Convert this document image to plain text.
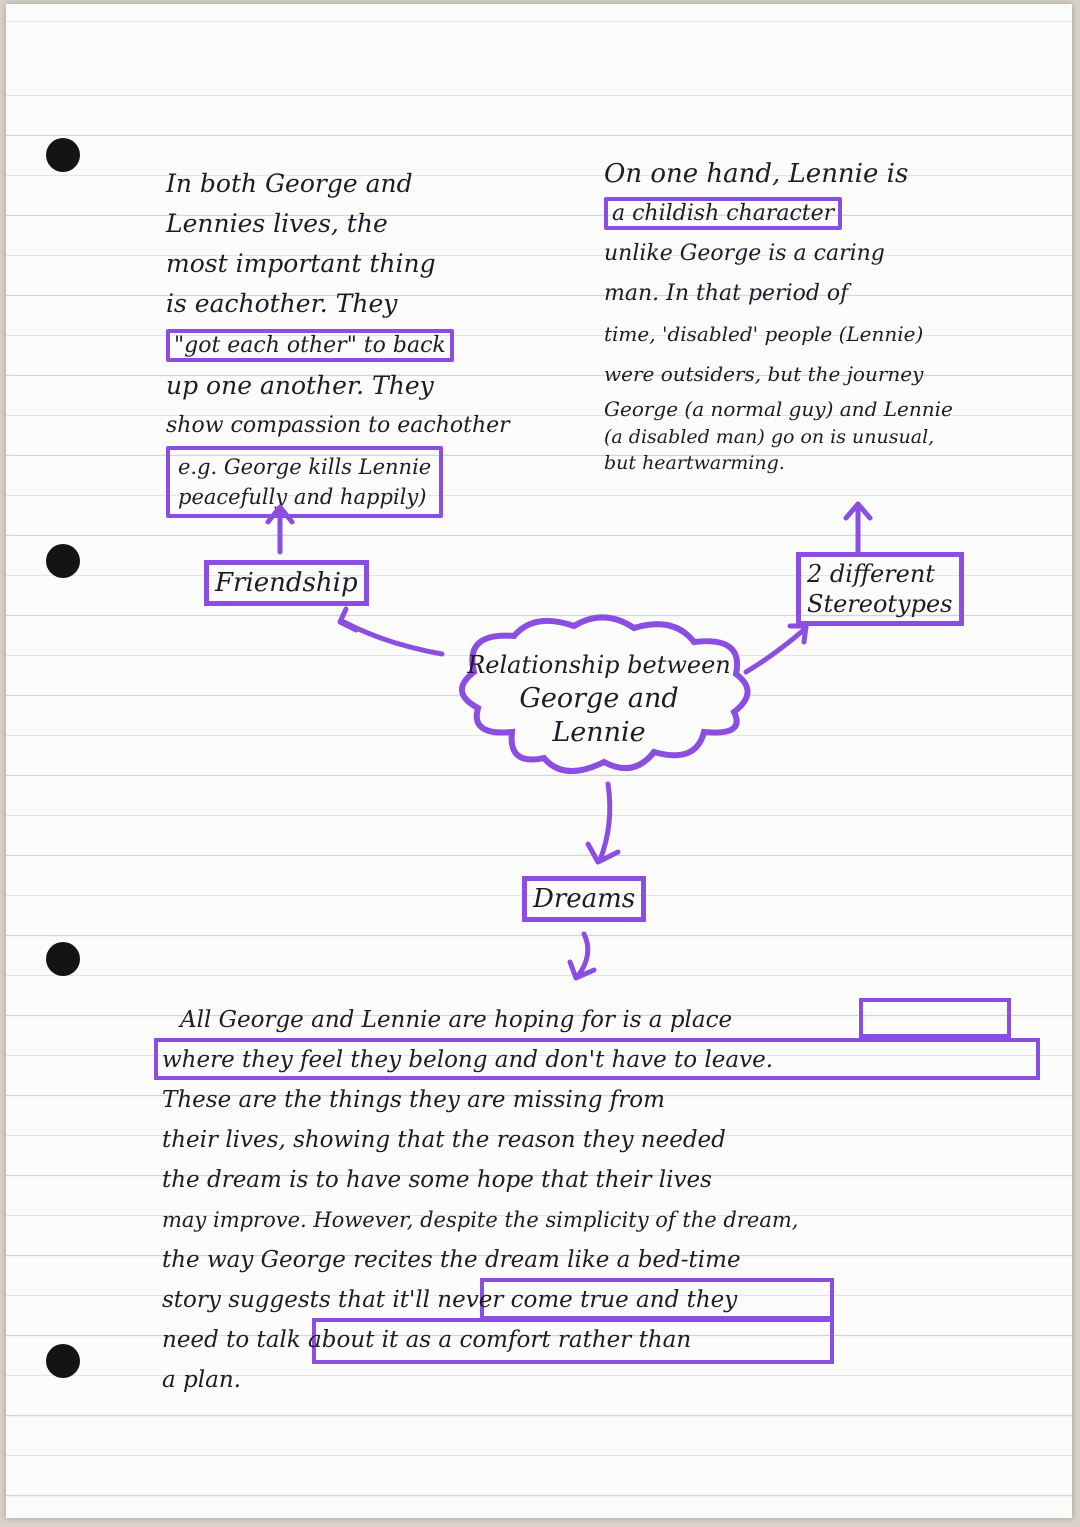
In both George and

Lennies lives, the

most important thing

is eachother. They

"got each other" to back

up one another. They

show compassion to eachother

e.g. George kills Lennie

peacefully and happily)

On one hand, Lennie is

a childish character

unlike George is a caring

man. In that period of

time, 'disabled' people (Lennie)

were outsiders, but the journey

George (a normal guy) and Lennie

(a disabled man) go on is unusual,

but heartwarming.

Friendship	2 different
Stereotypes
Relationship between
George and
Lennie
Dreams

All George and Lennie are hoping for is a place

where they feel they belong and don't have to leave.

These are the things they are missing from

their lives, showing that the reason they needed

the dream is to have some hope that their lives

may improve. However, despite the simplicity of the dream,

the way George recites the dream like a bed-time

story suggests that it'll never come true and they

need to talk about it as a comfort rather than

a plan.
